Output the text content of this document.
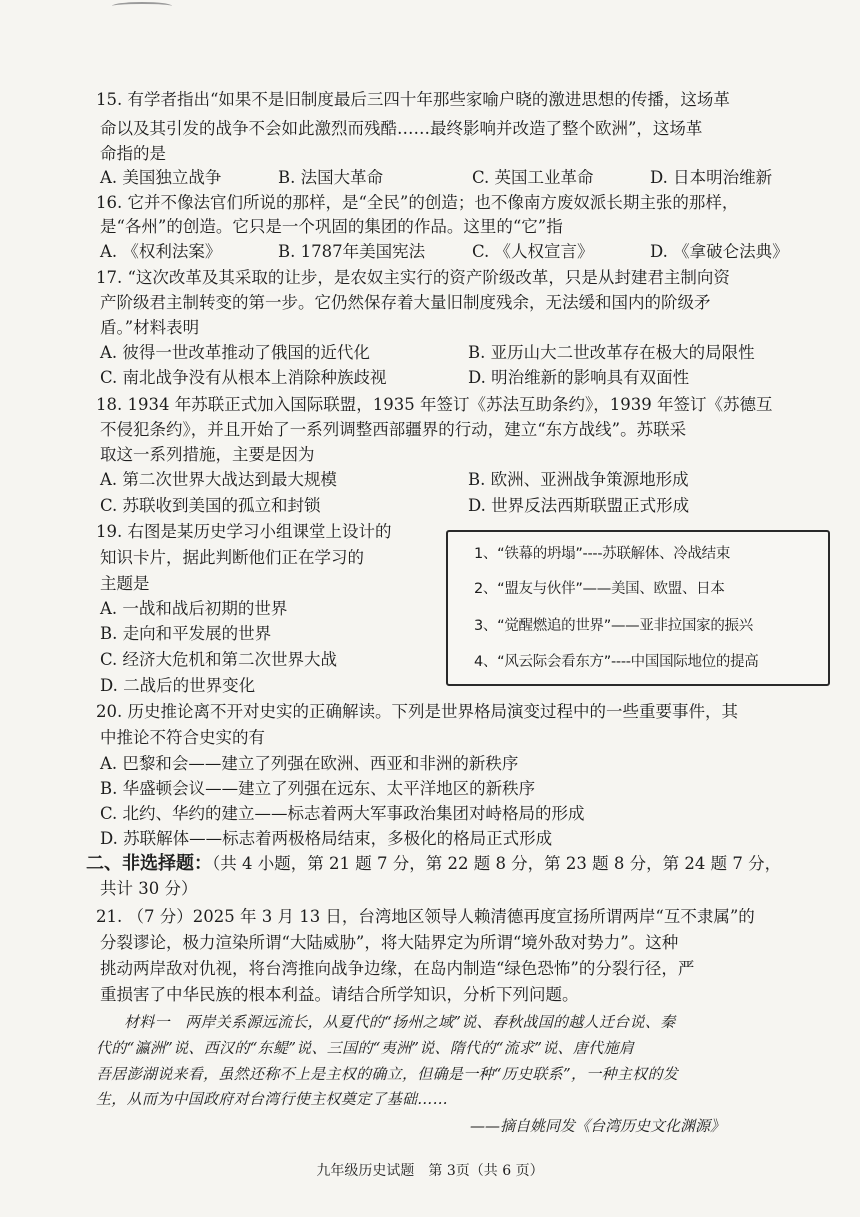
15. 有学者指出“如果不是旧制度最后三四十年那些家喻户晓的激进思想的传播，这场革
命以及其引发的战争不会如此激烈而残酷……最终影响并改造了整个欧洲”，这场革
命指的是
A. 美国独立战争	B. 法国大革命	C. 英国工业革命	D. 日本明治维新
16. 它并不像法官们所说的那样，是“全民”的创造；也不像南方废奴派长期主张的那样，
是“各州”的创造。它只是一个巩固的集团的作品。这里的“它”指
A. 《权利法案》	B. 1787年美国宪法	C. 《人权宣言》	D. 《拿破仑法典》
17. “这次改革及其采取的让步，是农奴主实行的资产阶级改革，只是从封建君主制向资
产阶级君主制转变的第一步。它仍然保存着大量旧制度残余，无法缓和国内的阶级矛
盾。”材料表明
A. 彼得一世改革推动了俄国的近代化	B. 亚历山大二世改革存在极大的局限性
C. 南北战争没有从根本上消除种族歧视	D. 明治维新的影响具有双面性
18. 1934 年苏联正式加入国际联盟，1935 年签订《苏法互助条约》，1939 年签订《苏德互
不侵犯条约》，并且开始了一系列调整西部疆界的行动，建立“东方战线”。苏联采
取这一系列措施，主要是因为
A. 第二次世界大战达到最大规模	B. 欧洲、亚洲战争策源地形成
C. 苏联收到美国的孤立和封锁	D. 世界反法西斯联盟正式形成
19. 右图是某历史学习小组课堂上设计的
知识卡片，据此判断他们正在学习的
主题是
A. 一战和战后初期的世界
B. 走向和平发展的世界
C. 经济大危机和第二次世界大战
D. 二战后的世界变化
1、“铁幕的坍塌”----苏联解体、冷战结束
2、“盟友与伙伴”——美国、欧盟、日本
3、“觉醒燃追的世界”——亚非拉国家的振兴
4、“风云际会看东方”----中国国际地位的提高
20. 历史推论离不开对史实的正确解读。下列是世界格局演变过程中的一些重要事件，其
中推论不符合史实的有
A. 巴黎和会——建立了列强在欧洲、西亚和非洲的新秩序
B. 华盛顿会议——建立了列强在远东、太平洋地区的新秩序
C. 北约、华约的建立——标志着两大军事政治集团对峙格局的形成
D. 苏联解体——标志着两极格局结束，多极化的格局正式形成
二、非选择题：（共 4 小题，第 21 题 7 分，第 22 题 8 分，第 23 题 8 分，第 24 题 7 分，
共计 30 分）
21. （7 分）2025 年 3 月 13 日，台湾地区领导人赖清德再度宣扬所谓两岸“互不隶属”的
分裂谬论，极力渲染所谓“大陆威胁”，将大陆界定为所谓“境外敌对势力”。这种
挑动两岸敌对仇视，将台湾推向战争边缘，在岛内制造“绿色恐怖”的分裂行径，严
重损害了中华民族的根本利益。请结合所学知识，分析下列问题。
材料一　两岸关系源远流长，从夏代的“扬州之域”说、春秋战国的越人迁台说、秦
代的“瀛洲”说、西汉的“东鳀”说、三国的“夷洲”说、隋代的“流求”说、唐代施肩
吾居澎湖说来看，虽然还称不上是主权的确立，但确是一种“历史联系”，一种主权的发
生，从而为中国政府对台湾行使主权奠定了基础……
——摘自姚同发《台湾历史文化渊源》
九年级历史试题　第 3页（共 6 页）
